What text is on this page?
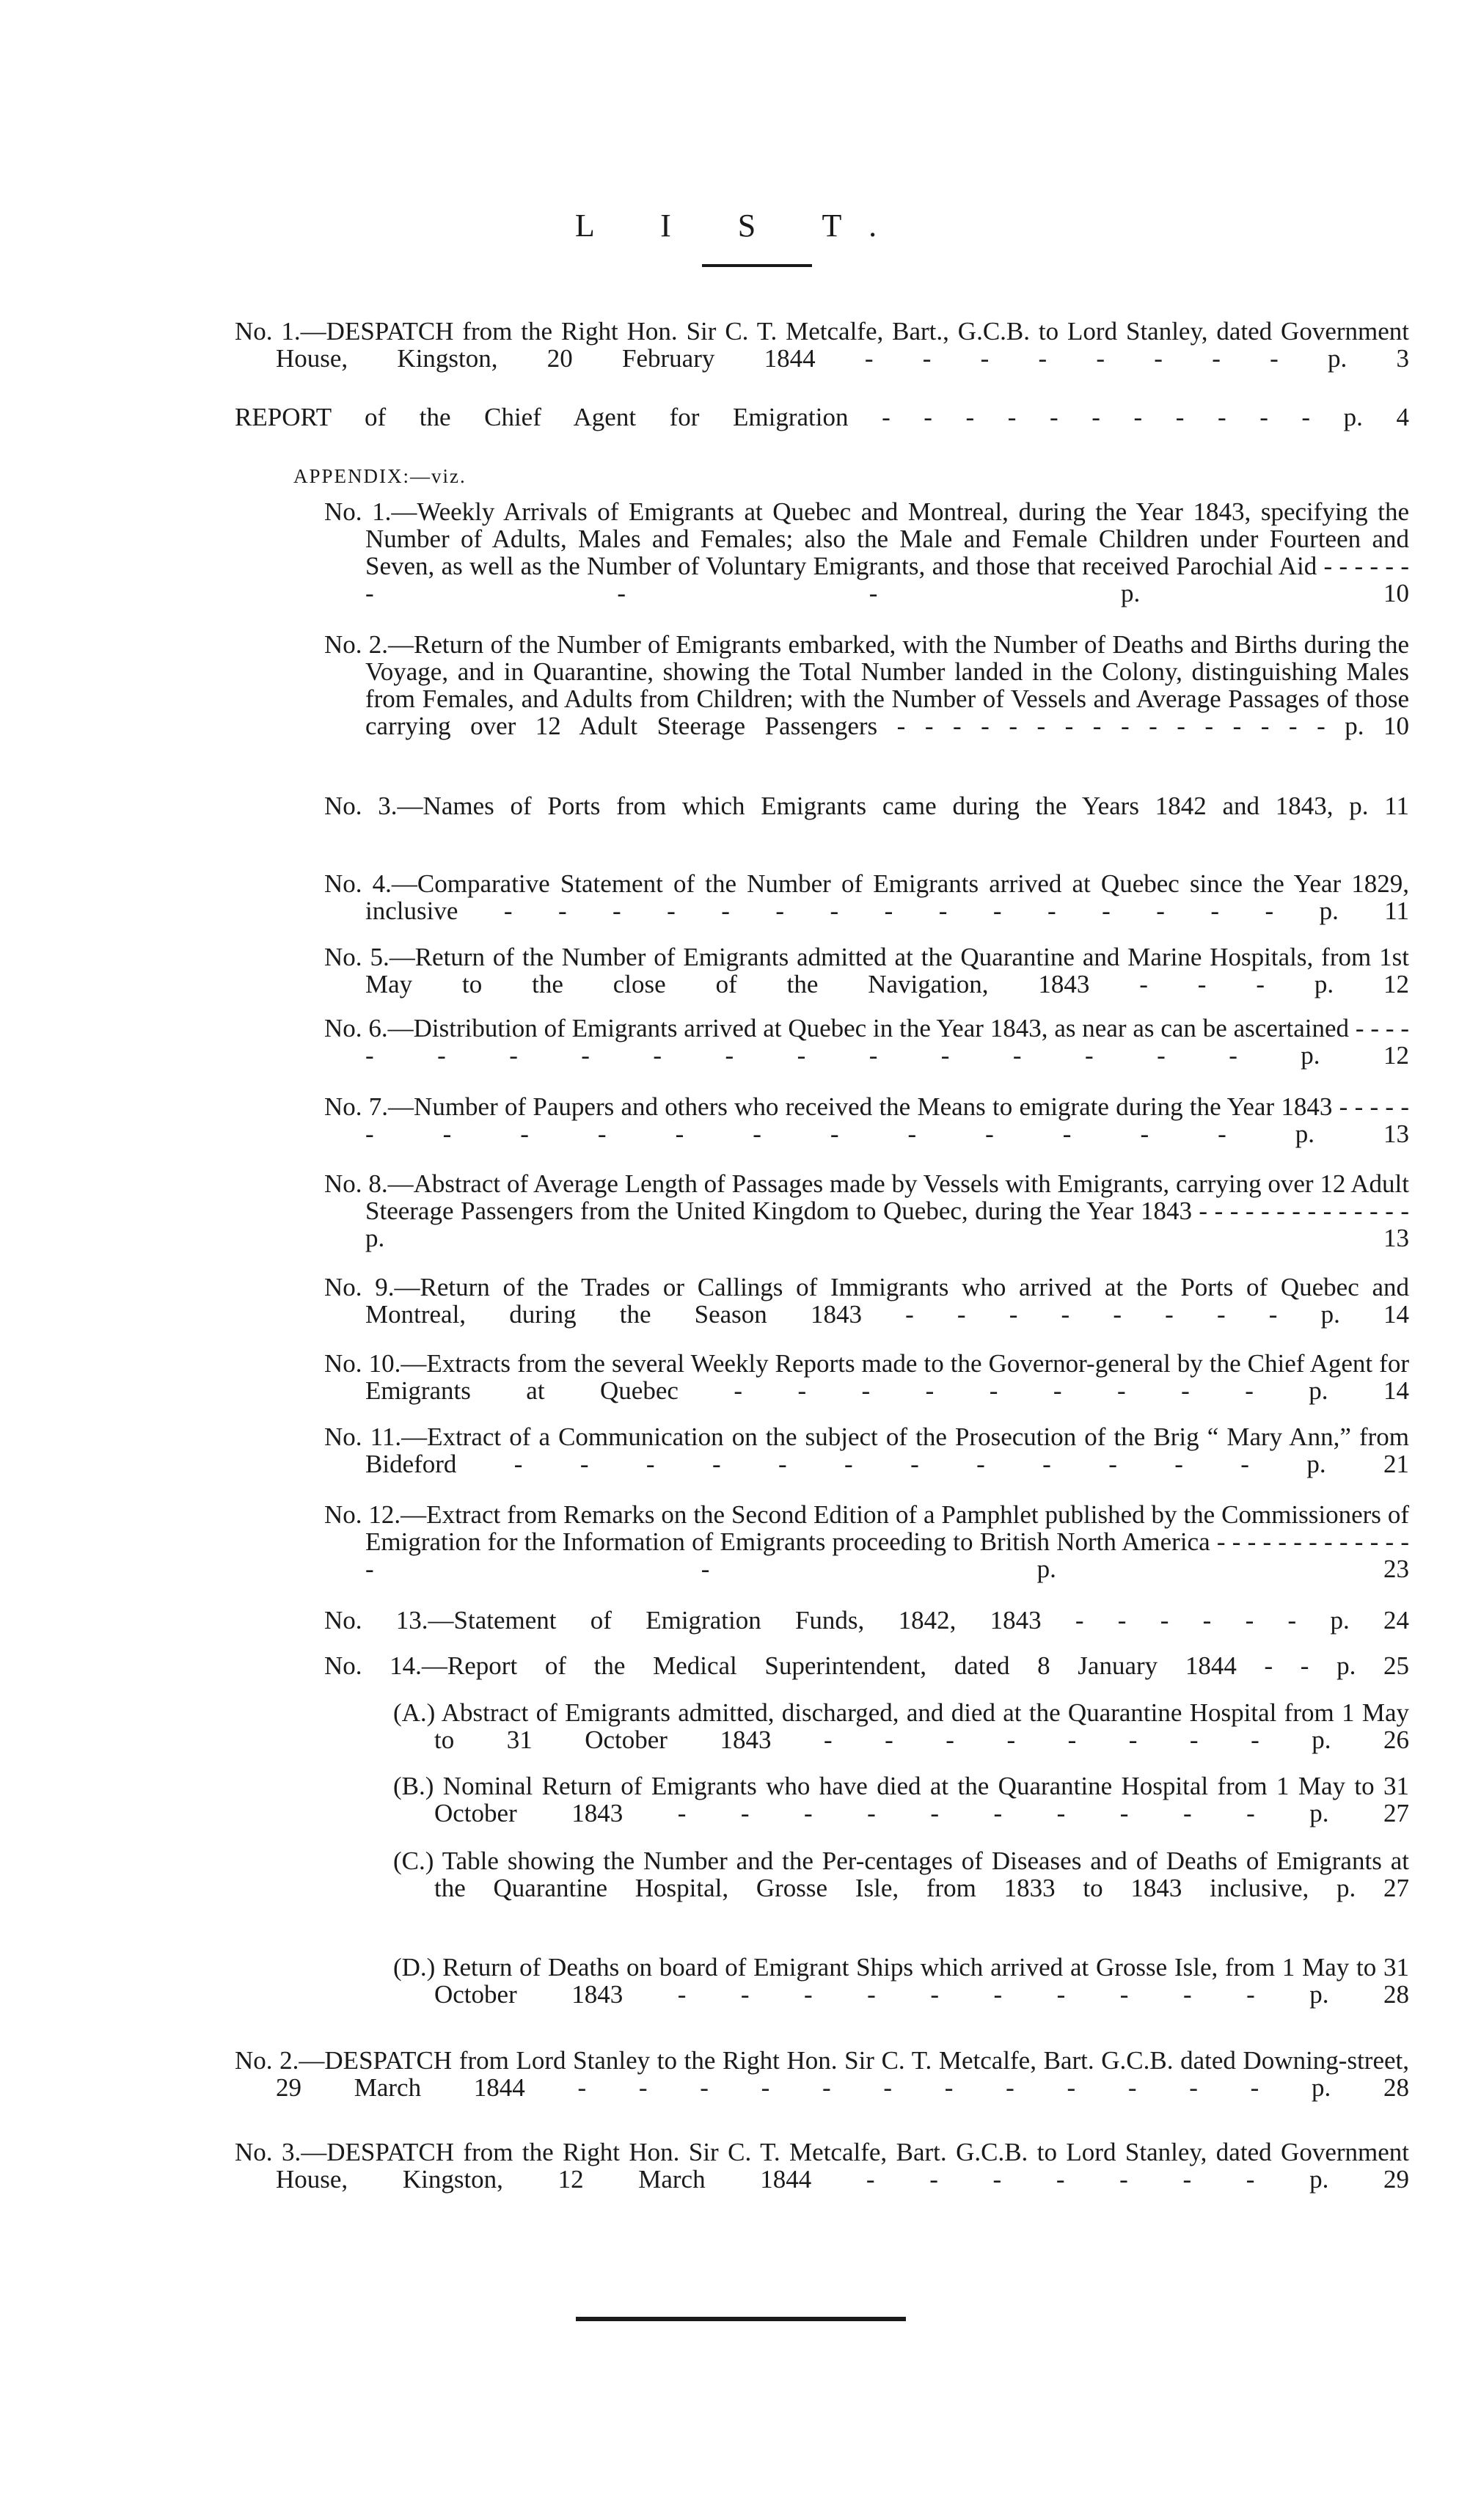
L I S T.
No. 1.—DESPATCH from the Right Hon. Sir C. T. Metcalfe, Bart., G.C.B. to Lord Stanley, dated Government House, Kingston, 20 February 1844 - - - - - - - - p. 3
REPORT of the Chief Agent for Emigration - - - - - - - - - - - p. 4
APPENDIX:—viz.
No. 1.—Weekly Arrivals of Emigrants at Quebec and Montreal, during the Year 1843, specifying the Number of Adults, Males and Females; also the Male and Female Children under Fourteen and Seven, as well as the Number of Voluntary Emigrants, and those that received Parochial Aid - - - - - - - - - p. 10
No. 2.—Return of the Number of Emigrants embarked, with the Number of Deaths and Births during the Voyage, and in Quarantine, showing the Total Number landed in the Colony, distinguishing Males from Females, and Adults from Children; with the Number of Vessels and Average Passages of those carrying over 12 Adult Steerage Passengers - - - - - - - - - - - - - - - - p. 10
No. 3.—Names of Ports from which Emigrants came during the Years 1842 and 1843, p. 11
No. 4.—Comparative Statement of the Number of Emigrants arrived at Quebec since the Year 1829, inclusive - - - - - - - - - - - - - - - p. 11
No. 5.—Return of the Number of Emigrants admitted at the Quarantine and Marine Hospitals, from 1st May to the close of the Navigation, 1843 - - - p. 12
No. 6.—Distribution of Emigrants arrived at Quebec in the Year 1843, as near as can be ascertained - - - - - - - - - - - - - - - - - p. 12
No. 7.—Number of Paupers and others who received the Means to emigrate during the Year 1843 - - - - - - - - - - - - - - - - - p. 13
No. 8.—Abstract of Average Length of Passages made by Vessels with Emigrants, carrying over 12 Adult Steerage Passengers from the United Kingdom to Quebec, during the Year 1843 - - - - - - - - - - - - - - p. 13
No. 9.—Return of the Trades or Callings of Immigrants who arrived at the Ports of Quebec and Montreal, during the Season 1843 - - - - - - - - p. 14
No. 10.—Extracts from the several Weekly Reports made to the Governor-general by the Chief Agent for Emigrants at Quebec - - - - - - - - - p. 14
No. 11.—Extract of a Communication on the subject of the Prosecution of the Brig “ Mary Ann,” from Bideford - - - - - - - - - - - - p. 21
No. 12.—Extract from Remarks on the Second Edition of a Pamphlet published by the Commissioners of Emigration for the Information of Emigrants proceeding to British North America - - - - - - - - - - - - - - - p. 23
No. 13.—Statement of Emigration Funds, 1842, 1843 - - - - - - p. 24
No. 14.—Report of the Medical Superintendent, dated 8 January 1844 - - p. 25
(A.) Abstract of Emigrants admitted, discharged, and died at the Quarantine Hospital from 1 May to 31 October 1843 - - - - - - - - p. 26
(B.) Nominal Return of Emigrants who have died at the Quarantine Hospital from 1 May to 31 October 1843 - - - - - - - - - - p. 27
(C.) Table showing the Number and the Per-centages of Diseases and of Deaths of Emigrants at the Quarantine Hospital, Grosse Isle, from 1833 to 1843 inclusive, p. 27
(D.) Return of Deaths on board of Emigrant Ships which arrived at Grosse Isle, from 1 May to 31 October 1843 - - - - - - - - - - p. 28
No. 2.—DESPATCH from Lord Stanley to the Right Hon. Sir C. T. Metcalfe, Bart. G.C.B. dated Downing-street, 29 March 1844 - - - - - - - - - - - - p. 28
No. 3.—DESPATCH from the Right Hon. Sir C. T. Metcalfe, Bart. G.C.B. to Lord Stanley, dated Government House, Kingston, 12 March 1844 - - - - - - - p. 29
